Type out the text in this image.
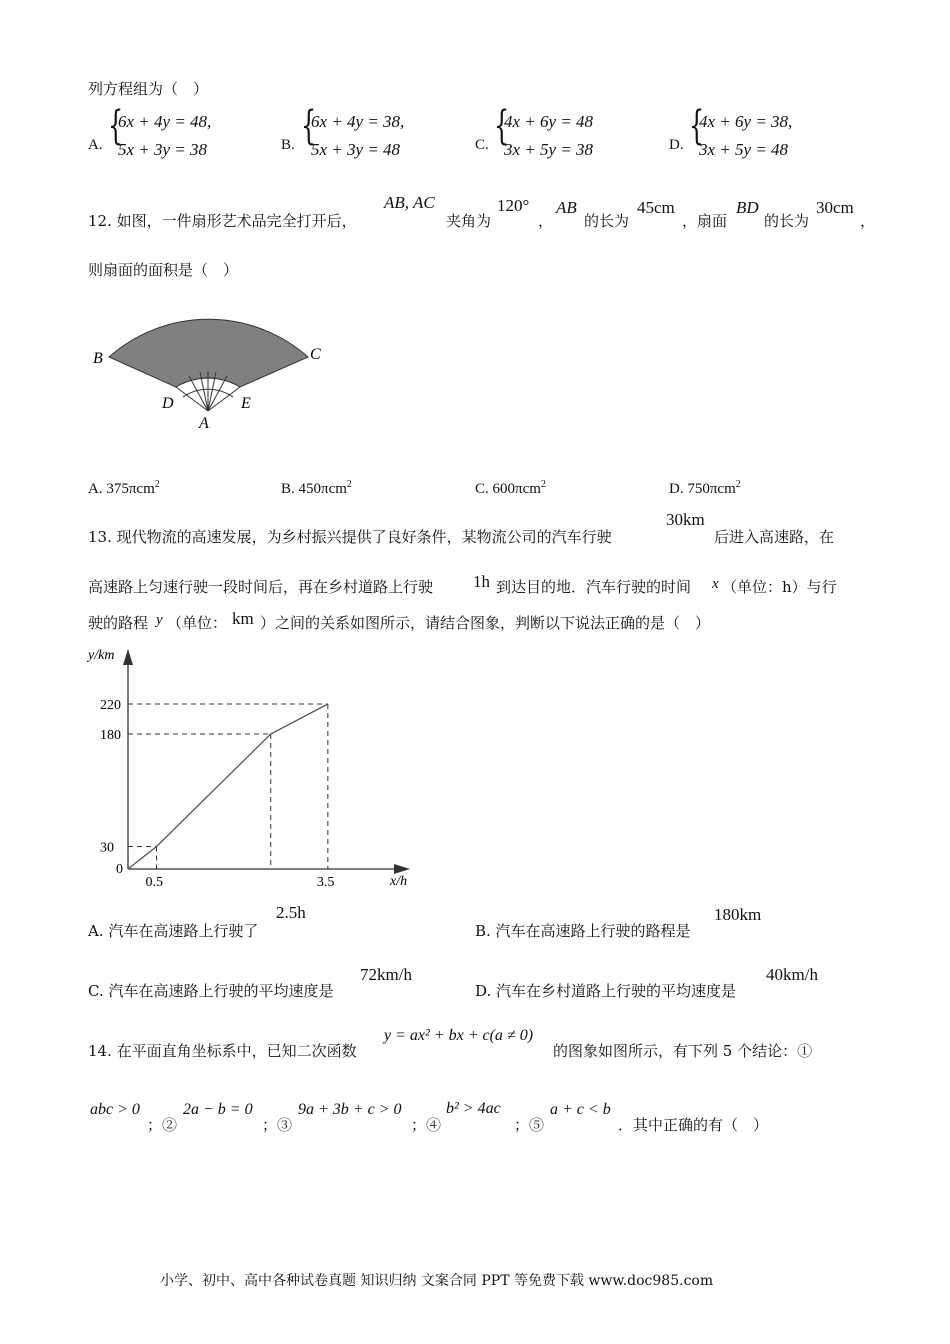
列方程组为（　）
A. {
6x + 4y = 48,
5x + 3y = 38	B. {
6x + 4y = 38,
5x + 3y = 48	C. {
4x + 6y = 48
3x + 5y = 38	D. {
4x + 6y = 38,
3x + 5y = 48
12. 如图，一件扇形艺术品完全打开后，
AB, AC
夹角为
120°
，
AB
的长为
45cm
，扇面
BD
的长为
30cm
，
则扇面的面积是（　）
B	C
D	E
A
A. 375πcm$^2$	B. 450πcm$^2$	C. 600πcm$^2$	D. 750πcm$^2$
13. 现代物流的高速发展，为乡村振兴提供了良好条件，某物流公司的汽车行驶
30km
后进入高速路，在
高速路上匀速行驶一段时间后，再在乡村道路上行驶 1h 到达目的地．汽车行驶的时间 x （单位：h）与行
驶的路程 y （单位： km ）之间的关系如图所示，请结合图象，判断以下说法正确的是（　）
y/km
x/h
0
220
180
30
0.5	3.5
A. 汽车在高速路上行驶了
2.5h
B. 汽车在高速路上行驶的路程是
180km
C. 汽车在高速路上行驶的平均速度是
72km/h
D. 汽车在乡村道路上行驶的平均速度是
40km/h
14. 在平面直角坐标系中，已知二次函数
y = ax² + bx + c(a ≠ 0)
的图象如图所示，有下列 5 个结论：①
abc > 0
；②
2a − b = 0
；③
9a + 3b + c > 0
；④
b² > 4ac
；⑤
a + c < b
．其中正确的有（　）
小学、初中、高中各种试卷真题 知识归纳 文案合同 PPT 等免费下载 www.doc985.com
